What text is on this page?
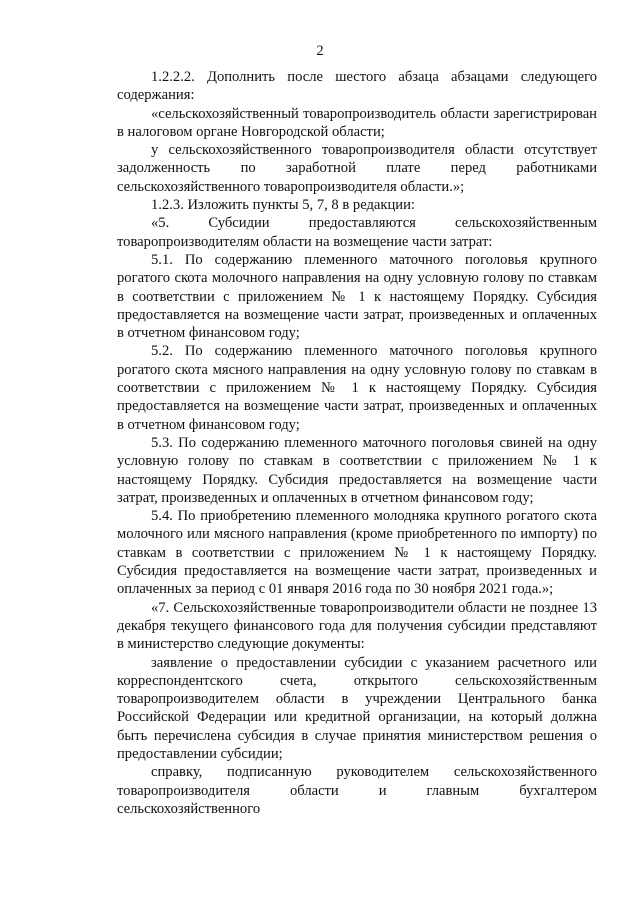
2

1.2.2.2. Дополнить после шестого абзаца абзацами следующего содержания:

«сельскохозяйственный товаропроизводитель области зарегистрирован в налоговом органе Новгородской области;

у сельскохозяйственного товаропроизводителя области отсутствует задолженность по заработной плате перед работниками сельскохозяйственного товаропроизводителя области.»;

1.2.3. Изложить пункты 5, 7, 8 в редакции:

«5. Субсидии предоставляются сельскохозяйственным товаропроизводителям области на возмещение части затрат:

5.1. По содержанию племенного маточного поголовья крупного рогатого скота молочного направления на одну условную голову по ставкам в соответствии с приложением № 1 к настоящему Порядку. Субсидия предоставляется на возмещение части затрат, произведенных и оплаченных в отчетном финансовом году;

5.2. По содержанию племенного маточного поголовья крупного рогатого скота мясного направления на одну условную голову по ставкам в соответствии с приложением № 1 к настоящему Порядку. Субсидия предоставляется на возмещение части затрат, произведенных и оплаченных в отчетном финансовом году;

5.3. По содержанию племенного маточного поголовья свиней на одну условную голову по ставкам в соответствии с приложением № 1 к настоящему Порядку. Субсидия предоставляется на возмещение части затрат, произведенных и оплаченных в отчетном финансовом году;

5.4. По приобретению племенного молодняка крупного рогатого скота молочного или мясного направления (кроме приобретенного по импорту) по ставкам в соответствии с приложением № 1 к настоящему Порядку. Субсидия предоставляется на возмещение части затрат, произведенных и оплаченных за период с 01 января 2016 года по 30 ноября 2021 года.»;

«7. Сельскохозяйственные товаропроизводители области не позднее 13 декабря текущего финансового года для получения субсидии представляют в министерство следующие документы:

заявление о предоставлении субсидии с указанием расчетного или корреспондентского счета, открытого сельскохозяйственным товаропроизводителем области в учреждении Центрального банка Российской Федерации или кредитной организации, на который должна быть перечислена субсидия в случае принятия министерством решения о предоставлении субсидии;

справку, подписанную руководителем сельскохозяйственного товаропроизводителя области и главным бухгалтером сельскохозяйственного
